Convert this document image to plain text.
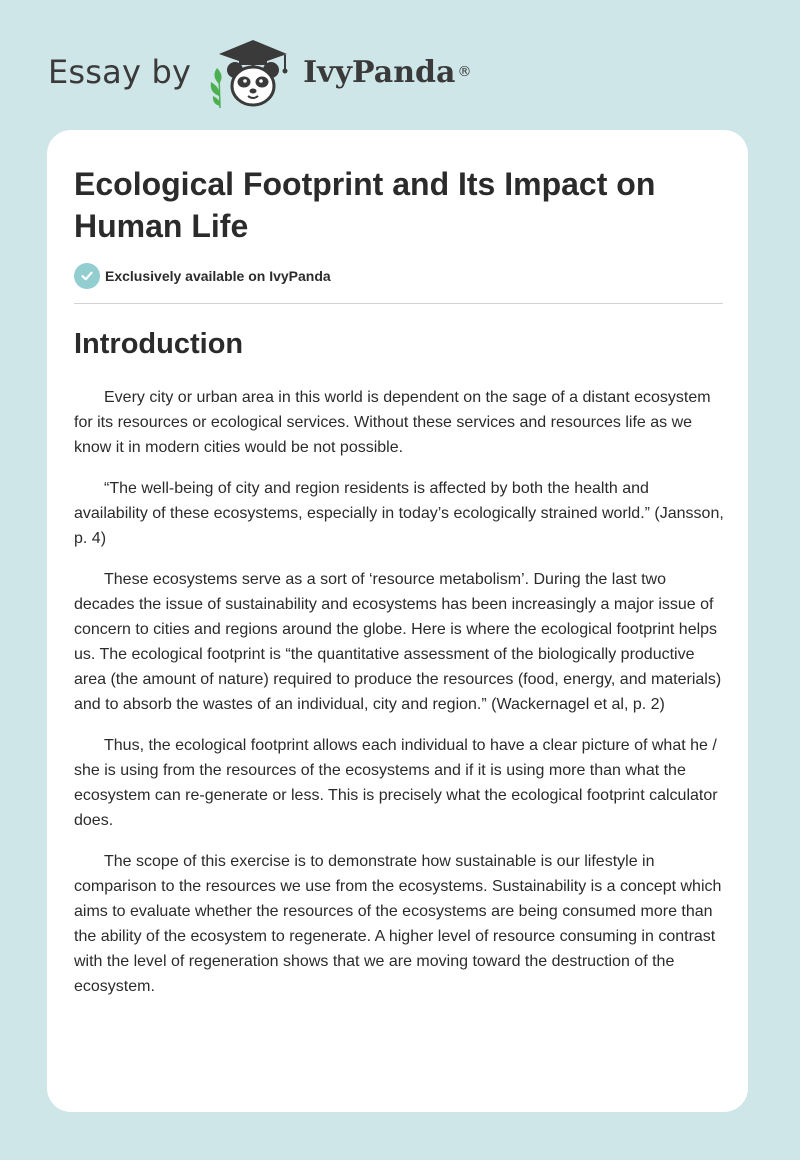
Essay by	IvyPanda ®
Ecological Footprint and Its Impact on Human Life
Exclusively available on IvyPanda
Introduction

Every city or urban area in this world is dependent on the sage of a distant ecosystem for its resources or ecological services. Without these services and resources life as we know it in modern cities would be not possible.

“The well-being of city and region residents is affected by both the health and availability of these ecosystems, especially in today’s ecologically strained world.” (Jansson, p. 4)

These ecosystems serve as a sort of ‘resource metabolism’. During the last two decades the issue of sustainability and ecosystems has been increasingly a major issue of concern to cities and regions around the globe. Here is where the ecological footprint helps us. The ecological footprint is “the quantitative assessment of the biologically productive area (the amount of nature) required to produce the resources (food, energy, and materials) and to absorb the wastes of an individual, city and region.” (Wackernagel et al, p. 2)

Thus, the ecological footprint allows each individual to have a clear picture of what he / she is using from the resources of the ecosystems and if it is using more than what the ecosystem can re-generate or less. This is precisely what the ecological footprint calculator does.

The scope of this exercise is to demonstrate how sustainable is our lifestyle in comparison to the resources we use from the ecosystems. Sustainability is a concept which aims to evaluate whether the resources of the ecosystems are being consumed more than the ability of the ecosystem to regenerate. A higher level of resource consuming in contrast with the level of regeneration shows that we are moving toward the destruction of the ecosystem.
